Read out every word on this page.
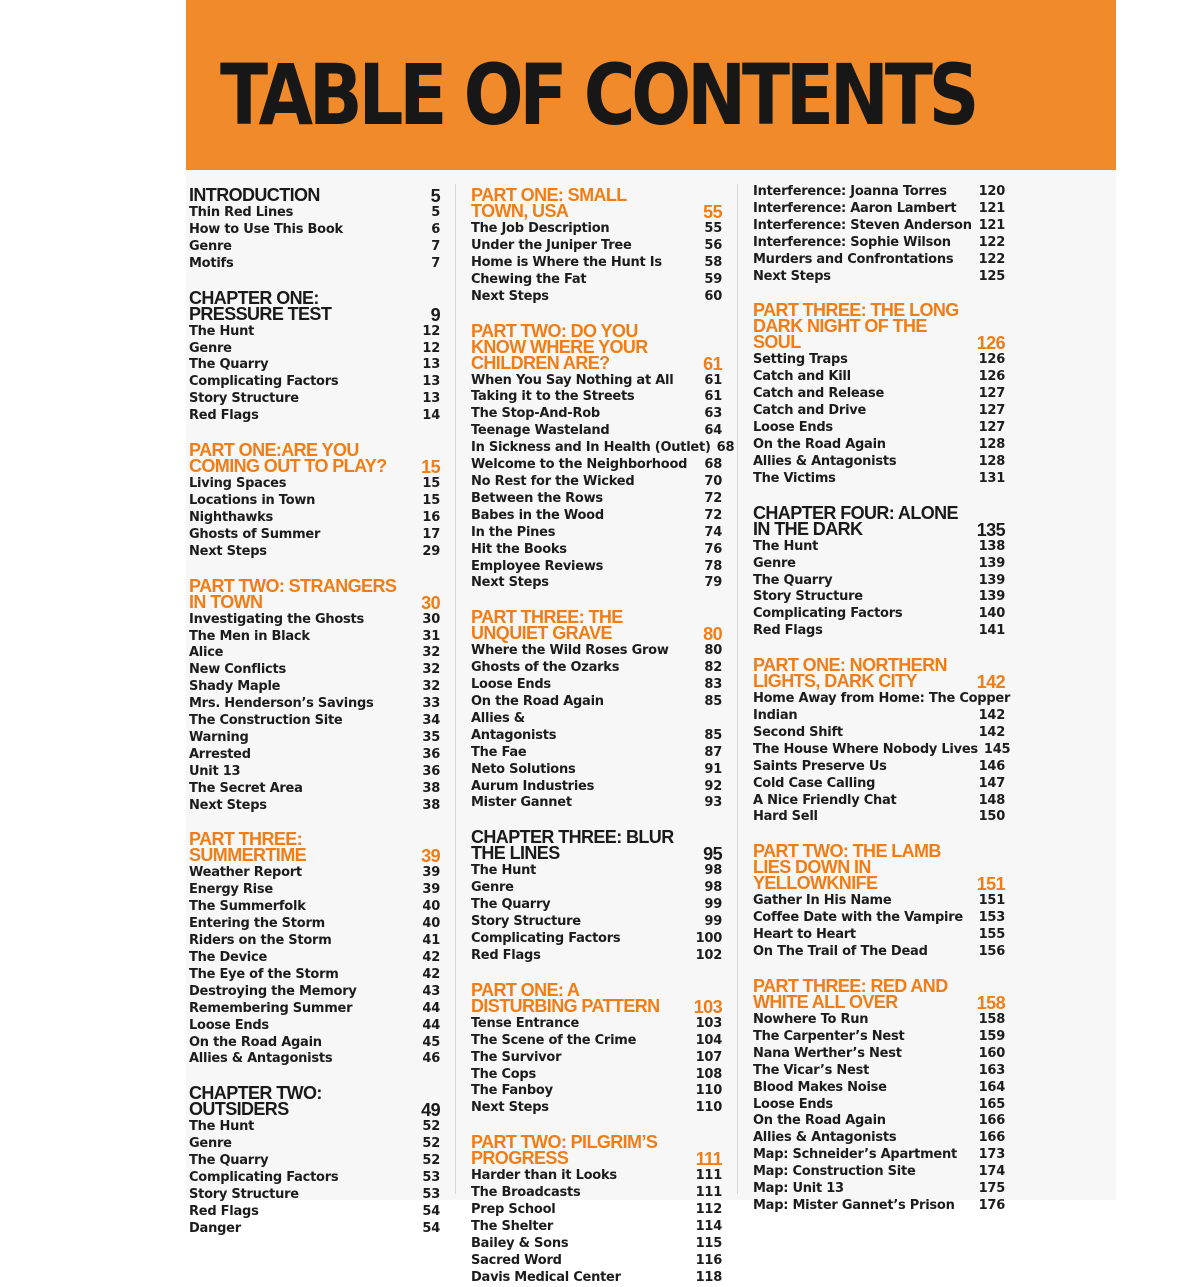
TABLE OF CONTENTS
INTRODUCTION	5
Thin Red Lines	5
How to Use This Book	6
Genre	7
Motifs	7
CHAPTER ONE: PRESSURE TEST	9
The Hunt	12
Genre	12
The Quarry	13
Complicating Factors	13
Story Structure	13
Red Flags	14
PART ONE:ARE YOU COMING OUT TO PLAY? 15
Living Spaces	15
Locations in Town	15
Nighthawks	16
Ghosts of Summer	17
Next Steps	29
PART TWO: STRANGERS IN TOWN	30
Investigating the Ghosts	30
The Men in Black	31
Alice	32
New Conflicts	32
Shady Maple	32
Mrs. Henderson’s Savings	33
The Construction Site	34
Warning	35
Arrested	36
Unit 13	36
The Secret Area	38
Next Steps	38
PART THREE: SUMMERTIME	39
Weather Report	39
Energy Rise	39
The Summerfolk	40
Entering the Storm	40
Riders on the Storm	41
The Device	42
The Eye of the Storm	42
Destroying the Memory	43
Remembering Summer	44
Loose Ends	44
On the Road Again	45
Allies & Antagonists	46
CHAPTER TWO: OUTSIDERS	49
The Hunt	52
Genre	52
The Quarry	52
Complicating Factors	53
Story Structure	53
Red Flags	54
Danger	54
PART ONE: SMALL TOWN, USA	55
The Job Description	55
Under the Juniper Tree	56
Home is Where the Hunt Is	58
Chewing the Fat	59
Next Steps	60
PART TWO: DO YOU KNOW WHERE YOUR CHILDREN ARE?	61
When You Say Nothing at All	61
Taking it to the Streets	61
The Stop-And-Rob	63
Teenage Wasteland	64
In Sickness and In Health (Outlet) 68
Welcome to the Neighborhood	68
No Rest for the Wicked	70
Between the Rows	72
Babes in the Wood	72
In the Pines	74
Hit the Books	76
Employee Reviews	78
Next Steps	79
PART THREE: THE UNQUIET GRAVE	80
Where the Wild Roses Grow	80
Ghosts of the Ozarks	82
Loose Ends	83
On the Road Again	85
Allies &
Antagonists	85
The Fae	87
Neto Solutions	91
Aurum Industries	92
Mister Gannet	93
CHAPTER THREE: BLUR THE LINES	95
The Hunt	98
Genre	98
The Quarry	99
Story Structure	99
Complicating Factors	100
Red Flags	102
PART ONE: A DISTURBING PATTERN 103
Tense Entrance	103
The Scene of the Crime	104
The Survivor	107
The Cops	108
The Fanboy	110
Next Steps	110
PART TWO: PILGRIM’S PROGRESS	111
Harder than it Looks	111
The Broadcasts	111
Prep School	112
The Shelter	114
Bailey & Sons	115
Sacred Word	116
Davis Medical Center	118
Interference: Joanna Torres	120
Interference: Aaron Lambert	121
Interference: Steven Anderson 121
Interference: Sophie Wilson	122
Murders and Confrontations	122
Next Steps	125
PART THREE: THE LONG DARK NIGHT OF THE SOUL	126
Setting Traps	126
Catch and Kill	126
Catch and Release	127
Catch and Drive	127
Loose Ends	127
On the Road Again	128
Allies & Antagonists	128
The Victims	131
CHAPTER FOUR: ALONE IN THE DARK	135
The Hunt	138
Genre	139
The Quarry	139
Story Structure	139
Complicating Factors	140
Red Flags	141
PART ONE: NORTHERN LIGHTS, DARK CITY	142
Home Away from Home: The Copper
Indian	142
Second Shift	142
The House Where Nobody Lives 145
Saints Preserve Us	146
Cold Case Calling	147
A Nice Friendly Chat	148
Hard Sell	150
PART TWO: THE LAMB LIES DOWN IN YELLOWKNIFE	151
Gather In His Name	151
Coffee Date with the Vampire	153
Heart to Heart	155
On The Trail of The Dead	156
PART THREE: RED AND WHITE ALL OVER	158
Nowhere To Run	158
The Carpenter’s Nest	159
Nana Werther’s Nest	160
The Vicar’s Nest	163
Blood Makes Noise	164
Loose Ends	165
On the Road Again	166
Allies & Antagonists	166
Map: Schneider’s Apartment	173
Map: Construction Site	174
Map: Unit 13	175
Map: Mister Gannet’s Prison	176
